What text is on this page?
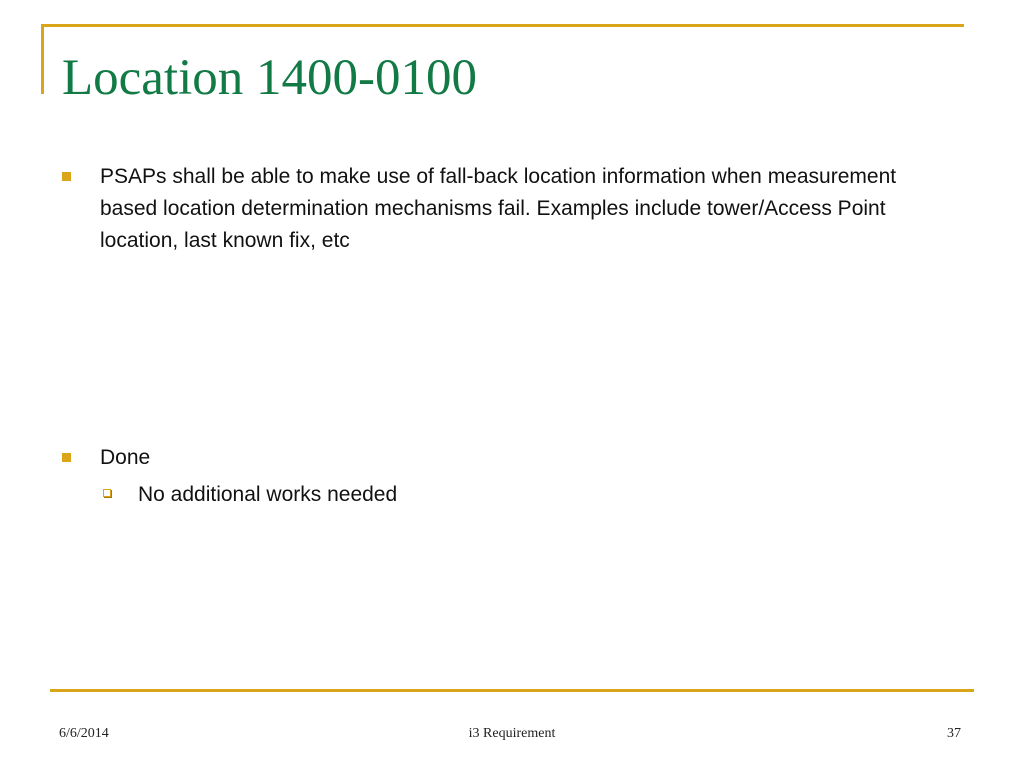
Location 1400-0100
PSAPs shall be able to make use of fall-back location information when measurement based location determination mechanisms fail. Examples include tower/Access Point location, last known fix, etc
Done
No additional works needed
6/6/2014	i3 Requirement	37
